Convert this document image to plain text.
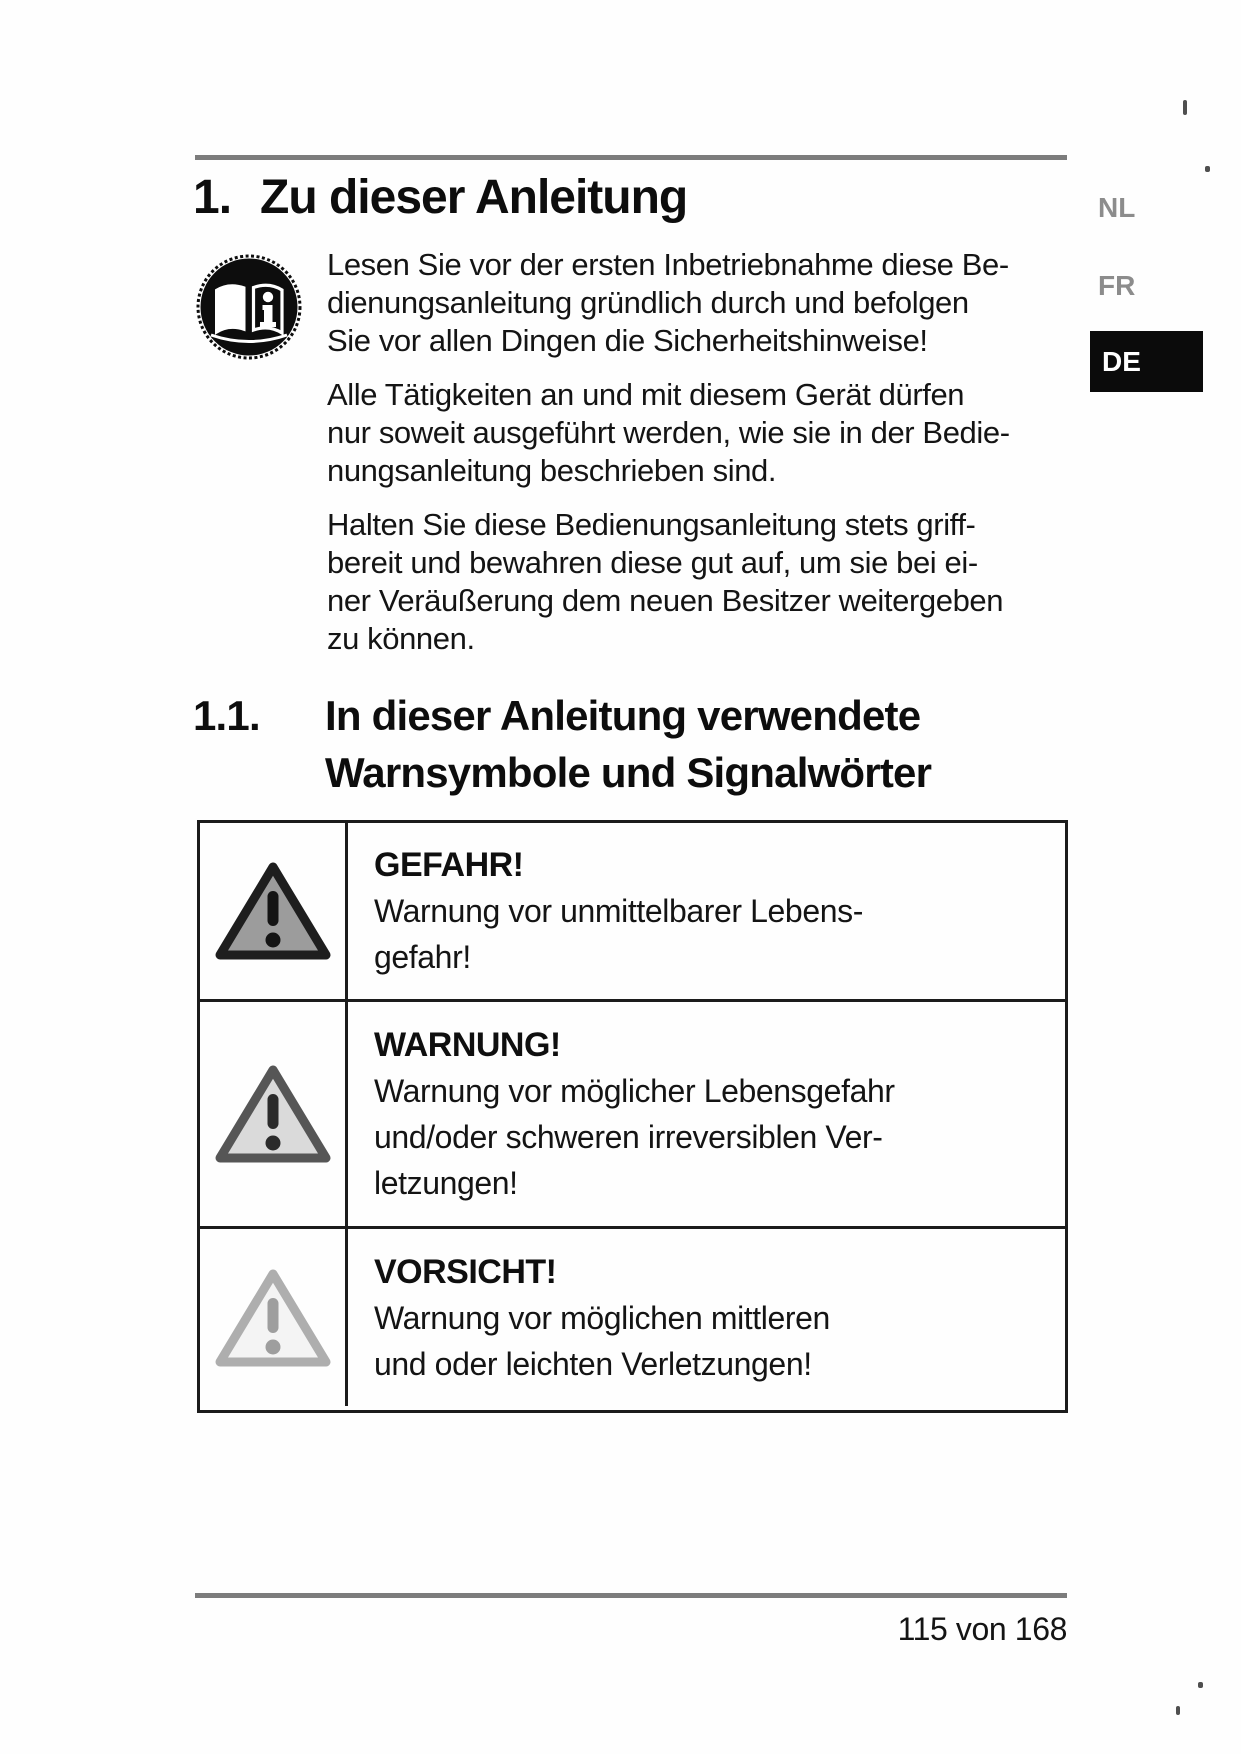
1. Zu dieser Anleitung	NL
FR
DE
Lesen Sie vor der ersten Inbetriebnahme diese Be-
dienungsanleitung gründlich durch und befolgen
Sie vor allen Dingen die Sicherheitshinweise!
Alle Tätigkeiten an und mit diesem Gerät dürfen
nur soweit ausgeführt werden, wie sie in der Bedie-
nungsanleitung beschrieben sind.
Halten Sie diese Bedienungsanleitung stets griff-
bereit und bewahren diese gut auf, um sie bei ei-
ner Veräußerung dem neuen Besitzer weitergeben
zu können.
1.1.	In dieser Anleitung verwendete
Warnsymbole und Signalwörter
GEFAHR!
Warnung vor unmittelbarer Lebens-
gefahr!
WARNUNG!
Warnung vor möglicher Lebensgefahr
und/oder schweren irreversiblen Ver-
letzungen!
VORSICHT!
Warnung vor möglichen mittleren
und oder leichten Verletzungen!
115 von 168
